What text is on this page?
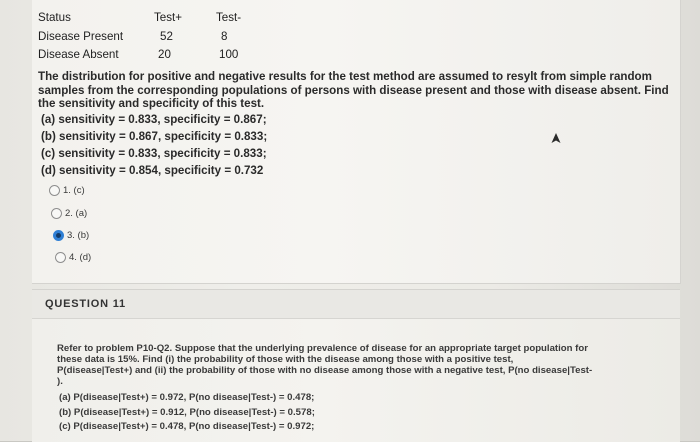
Status	Test+	Test-
Disease Present	52	8
Disease Absent	20	100
The distribution for positive and negative results for the test method are assumed to resylt from simple random samples from the corresponding populations of persons with disease present and those with disease absent. Find the sensitivity and specificity of this test.
(a) sensitivity = 0.833, specificity = 0.867;
(b) sensitivity = 0.867, specificity = 0.833;
(c) sensitivity = 0.833, specificity = 0.833;
(d) sensitivity = 0.854, specificity = 0.732
1. (c)
2. (a)
3. (b)
4. (d)
QUESTION 11
Refer to problem P10-Q2. Suppose that the underlying prevalence of disease for an appropriate target population for
these data is 15%. Find (i) the probability of those with the disease among those with a positive test,
P(disease|Test+) and (ii) the probability of those with no disease among those with a negative test, P(no disease|Test-
).
(a) P(disease|Test+) = 0.972, P(no disease|Test-) = 0.478;
(b) P(disease|Test+) = 0.912, P(no disease|Test-) = 0.578;
(c) P(disease|Test+) = 0.478, P(no disease|Test-) = 0.972;
